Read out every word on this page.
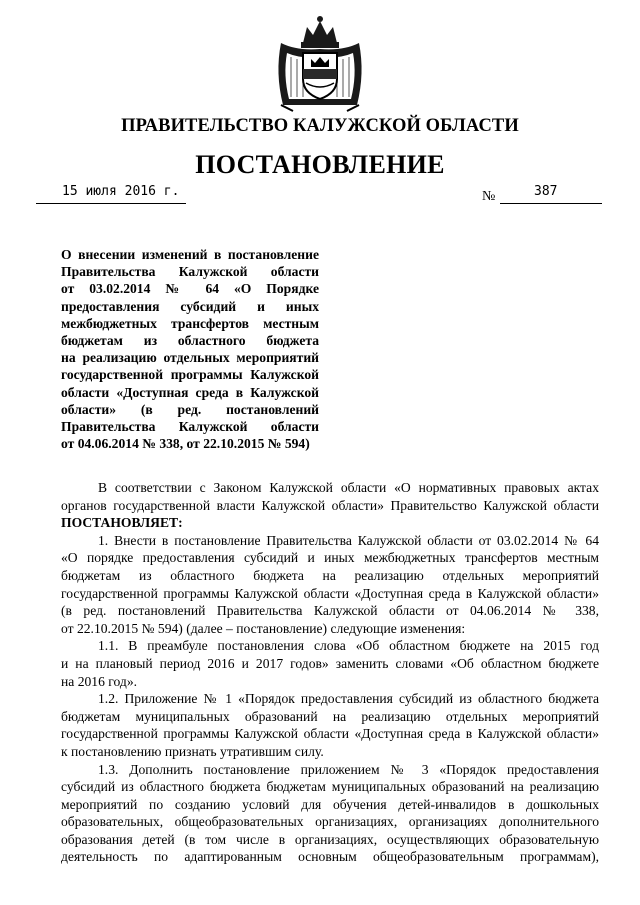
ПРАВИТЕЛЬСТВО КАЛУЖСКОЙ ОБЛАСТИ
ПОСТАНОВЛЕНИЕ
15 июля 2016 г.	№	387
О внесении изменений в постановление
Правительства Калужской области
от 03.02.2014 № 64 «О Порядке
предоставления субсидий и иных
межбюджетных трансфертов местным
бюджетам из областного бюджета
на реализацию отдельных мероприятий
государственной программы Калужской
области «Доступная среда в Калужской
области» (в ред. постановлений
Правительства Калужской области
от 04.06.2014 № 338, от 22.10.2015 № 594)
В соответствии с Законом Калужской области «О нормативных правовых актах
органов государственной власти Калужской области» Правительство Калужской области
ПОСТАНОВЛЯЕТ:
1. Внести в постановление Правительства Калужской области от 03.02.2014 № 64
«О порядке предоставления субсидий и иных межбюджетных трансфертов местным
бюджетам из областного бюджета на реализацию отдельных мероприятий
государственной программы Калужской области «Доступная среда в Калужской области»
(в ред. постановлений Правительства Калужской области от 04.06.2014 № 338,
от 22.10.2015 № 594) (далее – постановление) следующие изменения:
1.1. В преамбуле постановления слова «Об областном бюджете на 2015 год
и на плановый период 2016 и 2017 годов» заменить словами «Об областном бюджете
на 2016 год».
1.2. Приложение № 1 «Порядок предоставления субсидий из областного бюджета
бюджетам муниципальных образований на реализацию отдельных мероприятий
государственной программы Калужской области «Доступная среда в Калужской области»
к постановлению признать утратившим силу.
1.3. Дополнить постановление приложением № 3 «Порядок предоставления
субсидий из областного бюджета бюджетам муниципальных образований на реализацию
мероприятий по созданию условий для обучения детей-инвалидов в дошкольных
образовательных, общеобразовательных организациях, организациях дополнительного
образования детей (в том числе в организациях, осуществляющих образовательную
деятельность по адаптированным основным общеобразовательным программам),
